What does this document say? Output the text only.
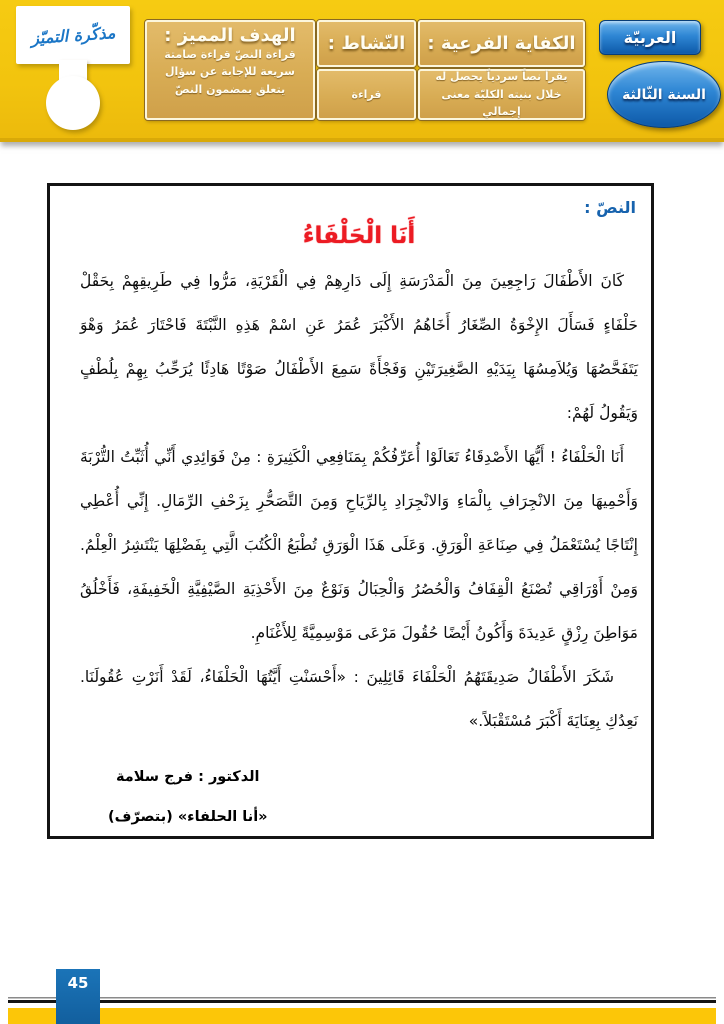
مذكّرة التميّز	الهدف المميز :
قراءة النصّ قراءة صامتة سريعة للإجابة عن سؤال يتعلق بمضمون النصّ
النّشاط :
قراءة
الكفاية الفرعية :
يقرأ نصاً سردياً يحصل له خلال بنيته الكليّة معنى إجمالي
العربيّة
السنة الثّالثة
النصّ :
أَنَا الْحَلْفَاءُ

كَانَ الأَطْفَالَ رَاجِعِينَ مِنَ الْمَدْرَسَةِ إِلَى دَارِهِمْ فِي الْقَرْيَةِ، مَرُّوا فِي طَرِيقِهِمْ بِحَقْلْ حَلْفَاءٍ فَسَأَلَ الإِخْوَةُ الصِّغَارُ أَخَاهُمُ الأَكْبَرَ عُمَرُ عَنِ اسْمْ هَذِهِ النَّبْتَةَ فَاحْتَارَ عُمَرُ وَهْوَ يَتَفَحَّصُهَا وَيُلاَمِسُهَا بِيَدَيْهِ الصَّغِيرَتَيْنِ وَفَجْأَةً سَمِعَ الأَطْفَالُ صَوْتًا هَادِئًا يُرَحِّبُ بِهِمْ بِلُطْفٍ وَيَقُولُ لَهُمْ:

أَنَا الْحَلْفَاءُ ! أَيُّهَا الأَصْدِقَاءُ تَعَالَوْا أُعَرِّفُكُمْ بِمَنَافِعِي الْكَثِيرَةِ : مِنْ فَوَائِدِي أَنِّي أُثَبِّتُ التُّرْبَةَ وَأَحْمِيهَا مِنَ الانْجِرَافِ بِالْمَاءِ وَالانْجِرَادِ بِالرِّيَاحِ وَمِنَ التَّصَحُّرِ بِزَحْفِ الرِّمَالِ. إِنِّي أُعْطِي إِنْتَاجًا يُسْتَعْمَلُ فِي صِنَاعَةِ الْوَرَقِ. وَعَلَى هَذَا الْوَرَقِ تُطْبَعُ الْكُتُبَ الَّتِي بِفَضْلِهَا يَنْتَشِرُ الْعِلْمُ. وَمِنْ أَوْرَاقِي تُصْنَعُ الْقِفَافُ وَالْحُصُرُ وَالْحِبَالُ وَنَوْعٌ مِنَ الأَحْذِيَةِ الصَّيْفِيَّةِ الْخَفِيفَةِ، فَأَخْلُقُ مَوَاطِنَ رِزْقٍ عَدِيدَةَ وَأَكُونُ أَيْضًا حُقُولَ مَرْعَى مَوْسِمِيَّةً لِلأَغْنَامِ.

شَكَرَ الأَطْفَالُ صَدِيقَتَهُمُ الْحَلْفَاءَ قَائِلِينَ : «أَحْسَنْتِ أَيَّتُهَا الْحَلْفَاءُ، لَقَدْ أَنَرْتِ عُقُولَنَا. نَعِدُكِ بِعِنَايَةَ أَكْبَرَ مُسْتَقْبَلاً.»

الدكتور : فرج سلامة
«أنا الحلفاء» (بتصرّف)
45
